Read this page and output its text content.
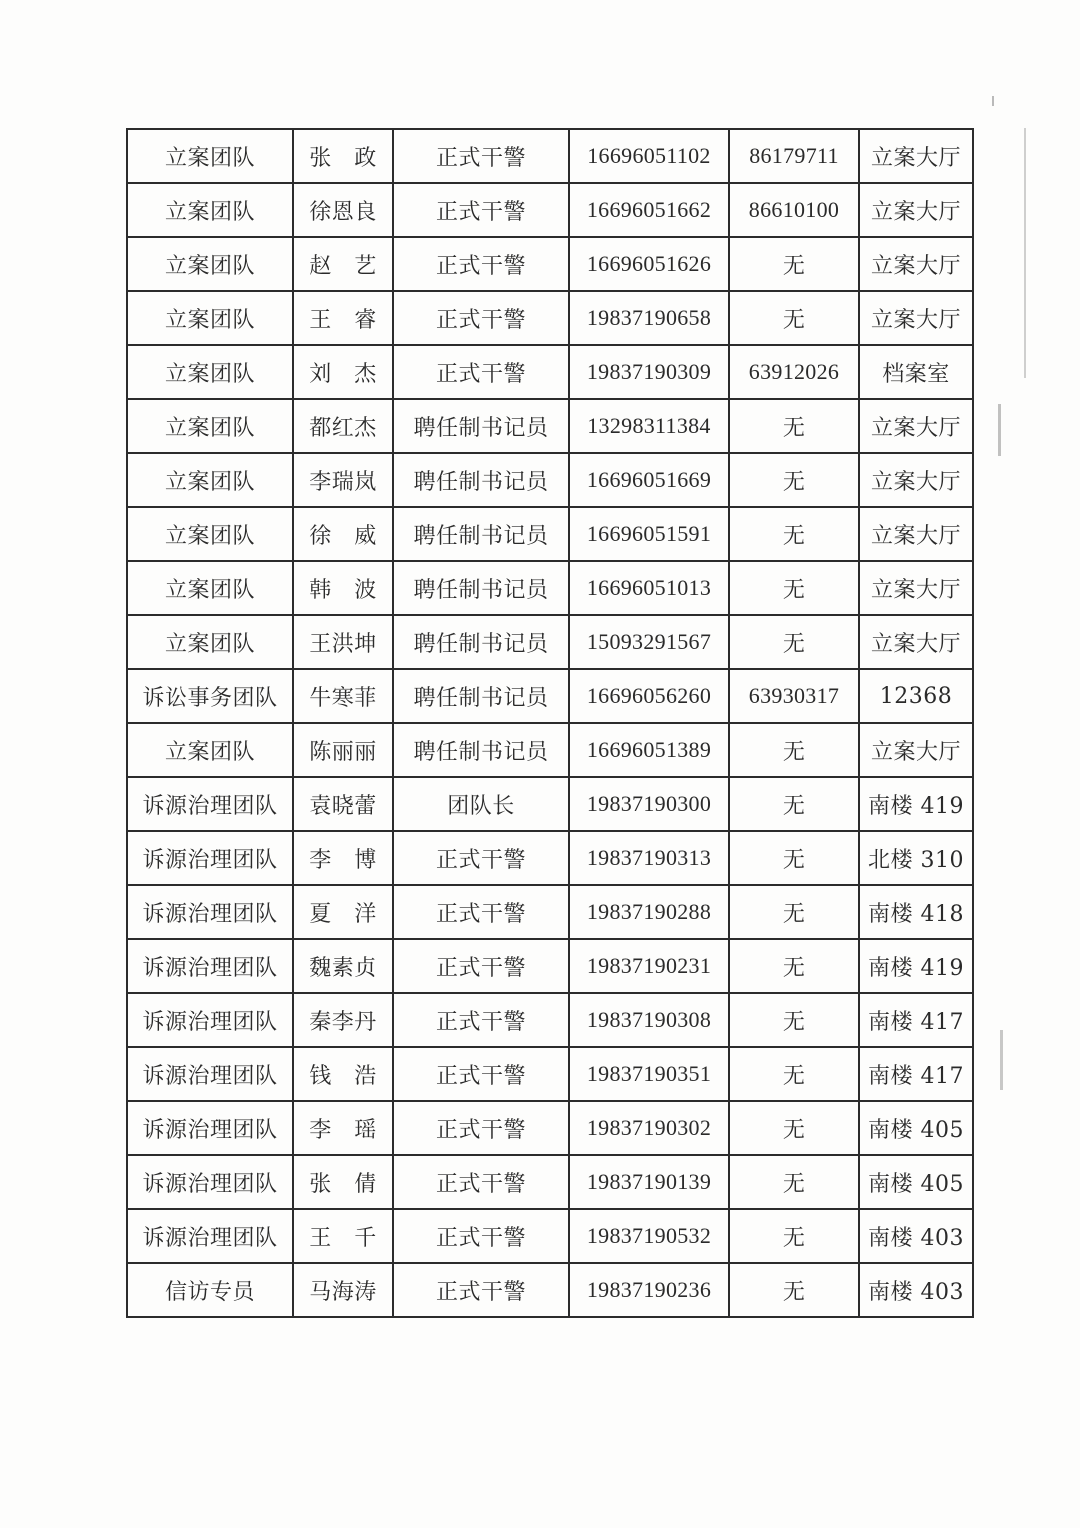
立案团队	张　政	正式干警	16696051102	86179711	立案大厅
立案团队	徐恩良	正式干警	16696051662	86610100	立案大厅
立案团队	赵　艺	正式干警	16696051626	无	立案大厅
立案团队	王　睿	正式干警	19837190658	无	立案大厅
立案团队	刘　杰	正式干警	19837190309	63912026	档案室
立案团队	都红杰	聘任制书记员	13298311384	无	立案大厅
立案团队	李瑞岚	聘任制书记员	16696051669	无	立案大厅
立案团队	徐　威	聘任制书记员	16696051591	无	立案大厅
立案团队	韩　波	聘任制书记员	16696051013	无	立案大厅
立案团队	王洪坤	聘任制书记员	15093291567	无	立案大厅
诉讼事务团队	牛寒菲	聘任制书记员	16696056260	63930317	12368
立案团队	陈丽丽	聘任制书记员	16696051389	无	立案大厅
诉源治理团队	袁晓蕾	团队长	19837190300	无	南楼 419
诉源治理团队	李　博	正式干警	19837190313	无	北楼 310
诉源治理团队	夏　洋	正式干警	19837190288	无	南楼 418
诉源治理团队	魏素贞	正式干警	19837190231	无	南楼 419
诉源治理团队	秦李丹	正式干警	19837190308	无	南楼 417
诉源治理团队	钱　浩	正式干警	19837190351	无	南楼 417
诉源治理团队	李　瑶	正式干警	19837190302	无	南楼 405
诉源治理团队	张　倩	正式干警	19837190139	无	南楼 405
诉源治理团队	王　千	正式干警	19837190532	无	南楼 403
信访专员	马海涛	正式干警	19837190236	无	南楼 403
